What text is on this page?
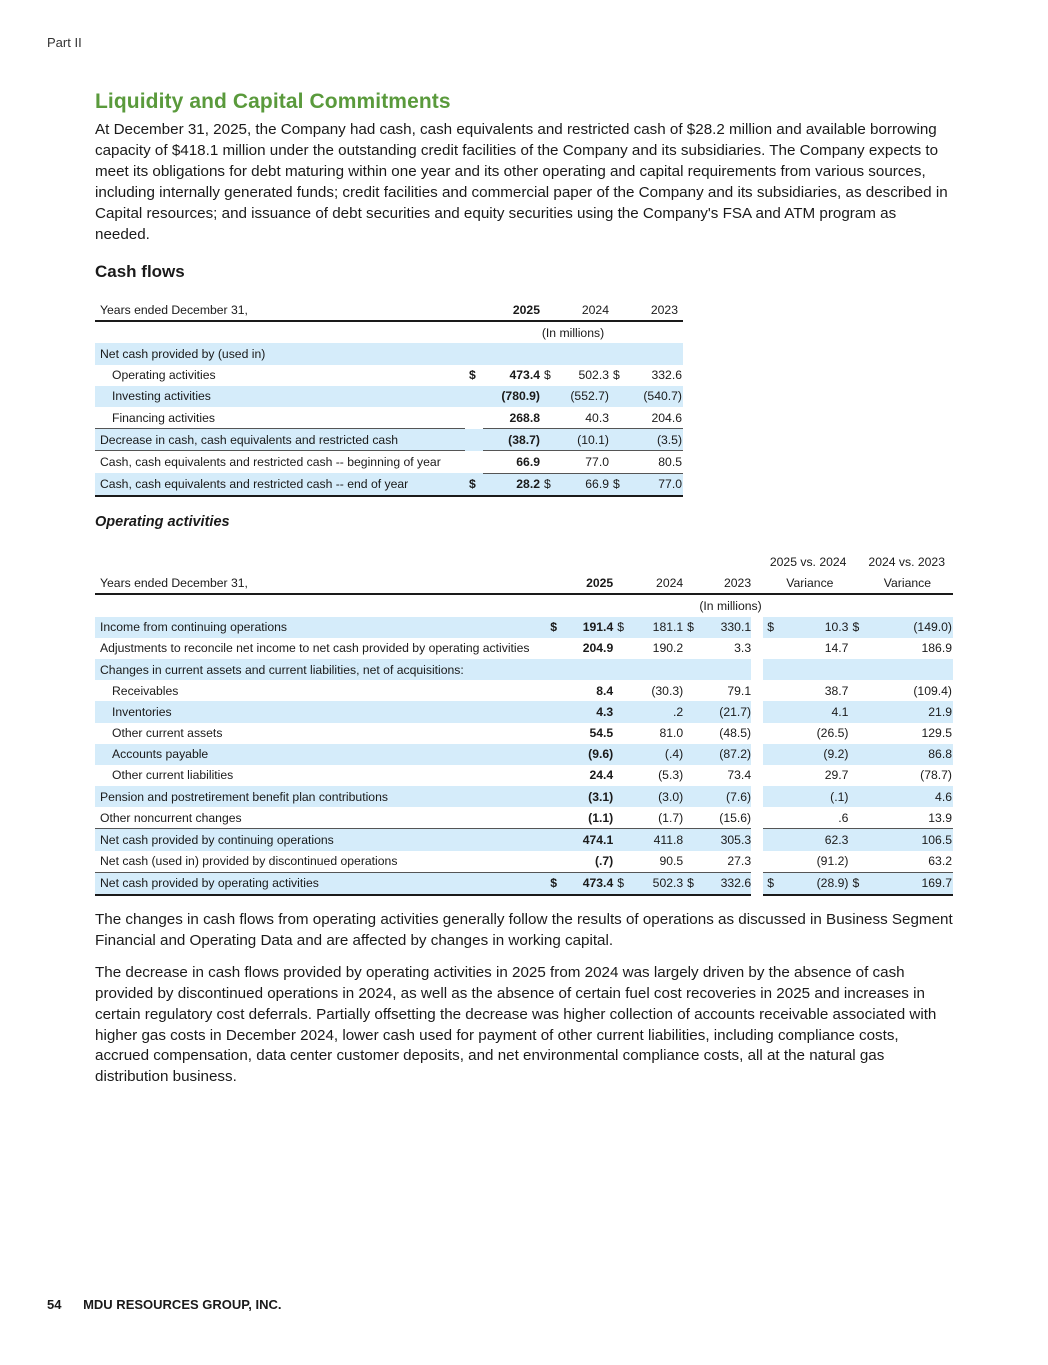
Part II
Liquidity and Capital Commitments

At December 31, 2025, the Company had cash, cash equivalents and restricted cash of $28.2 million and available borrowing capacity of $418.1 million under the outstanding credit facilities of the Company and its subsidiaries. The Company expects to meet its obligations for debt maturing within one year and its other operating and capital requirements from various sources, including internally generated funds; credit facilities and commercial paper of the Company and its subsidiaries, as described in Capital resources; and issuance of debt securities and equity securities using the Company's FSA and ATM program as needed.

Cash flows
Years ended December 31,		2025		2024		2023
		(In millions)				
Net cash provided by (used in)						
Operating activities	$	473.4	$	502.3	$	332.6
Investing activities		(780.9)		(552.7)		(540.7)
Financing activities		268.8		40.3		204.6
Decrease in cash, cash equivalents and restricted cash		(38.7)		(10.1)		(3.5)
Cash, cash equivalents and restricted cash -- beginning of year		66.9		77.0		80.5
Cash, cash equivalents and restricted cash -- end of year	$	28.2	$	66.9	$	77.0
Operating activities
								2025 vs. 2024		2024 vs. 2023	
Years ended December 31,		2025		2024		2023		Variance		Variance	
						(In millions)					
Income from continuing operations	$	191.4	$	181.1	$	330.1		$	10.3	$	(149.0)
Adjustments to reconcile net income to net cash provided by operating activities		204.9		190.2		3.3			14.7		186.9
Changes in current assets and current liabilities, net of acquisitions:											
Receivables		8.4		(30.3)		79.1			38.7		(109.4)
Inventories		4.3		.2		(21.7)			4.1		21.9
Other current assets		54.5		81.0		(48.5)			(26.5)		129.5
Accounts payable		(9.6)		(.4)		(87.2)			(9.2)		86.8
Other current liabilities		24.4		(5.3)		73.4			29.7		(78.7)
Pension and postretirement benefit plan contributions		(3.1)		(3.0)		(7.6)			(.1)		4.6
Other noncurrent changes		(1.1)		(1.7)		(15.6)			.6		13.9
Net cash provided by continuing operations		474.1		411.8		305.3			62.3		106.5
Net cash (used in) provided by discontinued operations		(.7)		90.5		27.3			(91.2)		63.2
Net cash provided by operating activities	$	473.4	$	502.3	$	332.6		$	(28.9)	$	169.7

The changes in cash flows from operating activities generally follow the results of operations as discussed in Business Segment Financial and Operating Data and are affected by changes in working capital.

The decrease in cash flows provided by operating activities in 2025 from 2024 was largely driven by the absence of cash provided by discontinued operations in 2024, as well as the absence of certain fuel cost recoveries in 2025 and increases in certain regulatory cost deferrals. Partially offsetting the decrease was higher collection of accounts receivable associated with higher gas costs in December 2024, lower cash used for payment of other current liabilities, including compliance costs, accrued compensation, data center customer deposits, and net environmental compliance costs, all at the natural gas distribution business.

54 MDU RESOURCES GROUP, INC.
